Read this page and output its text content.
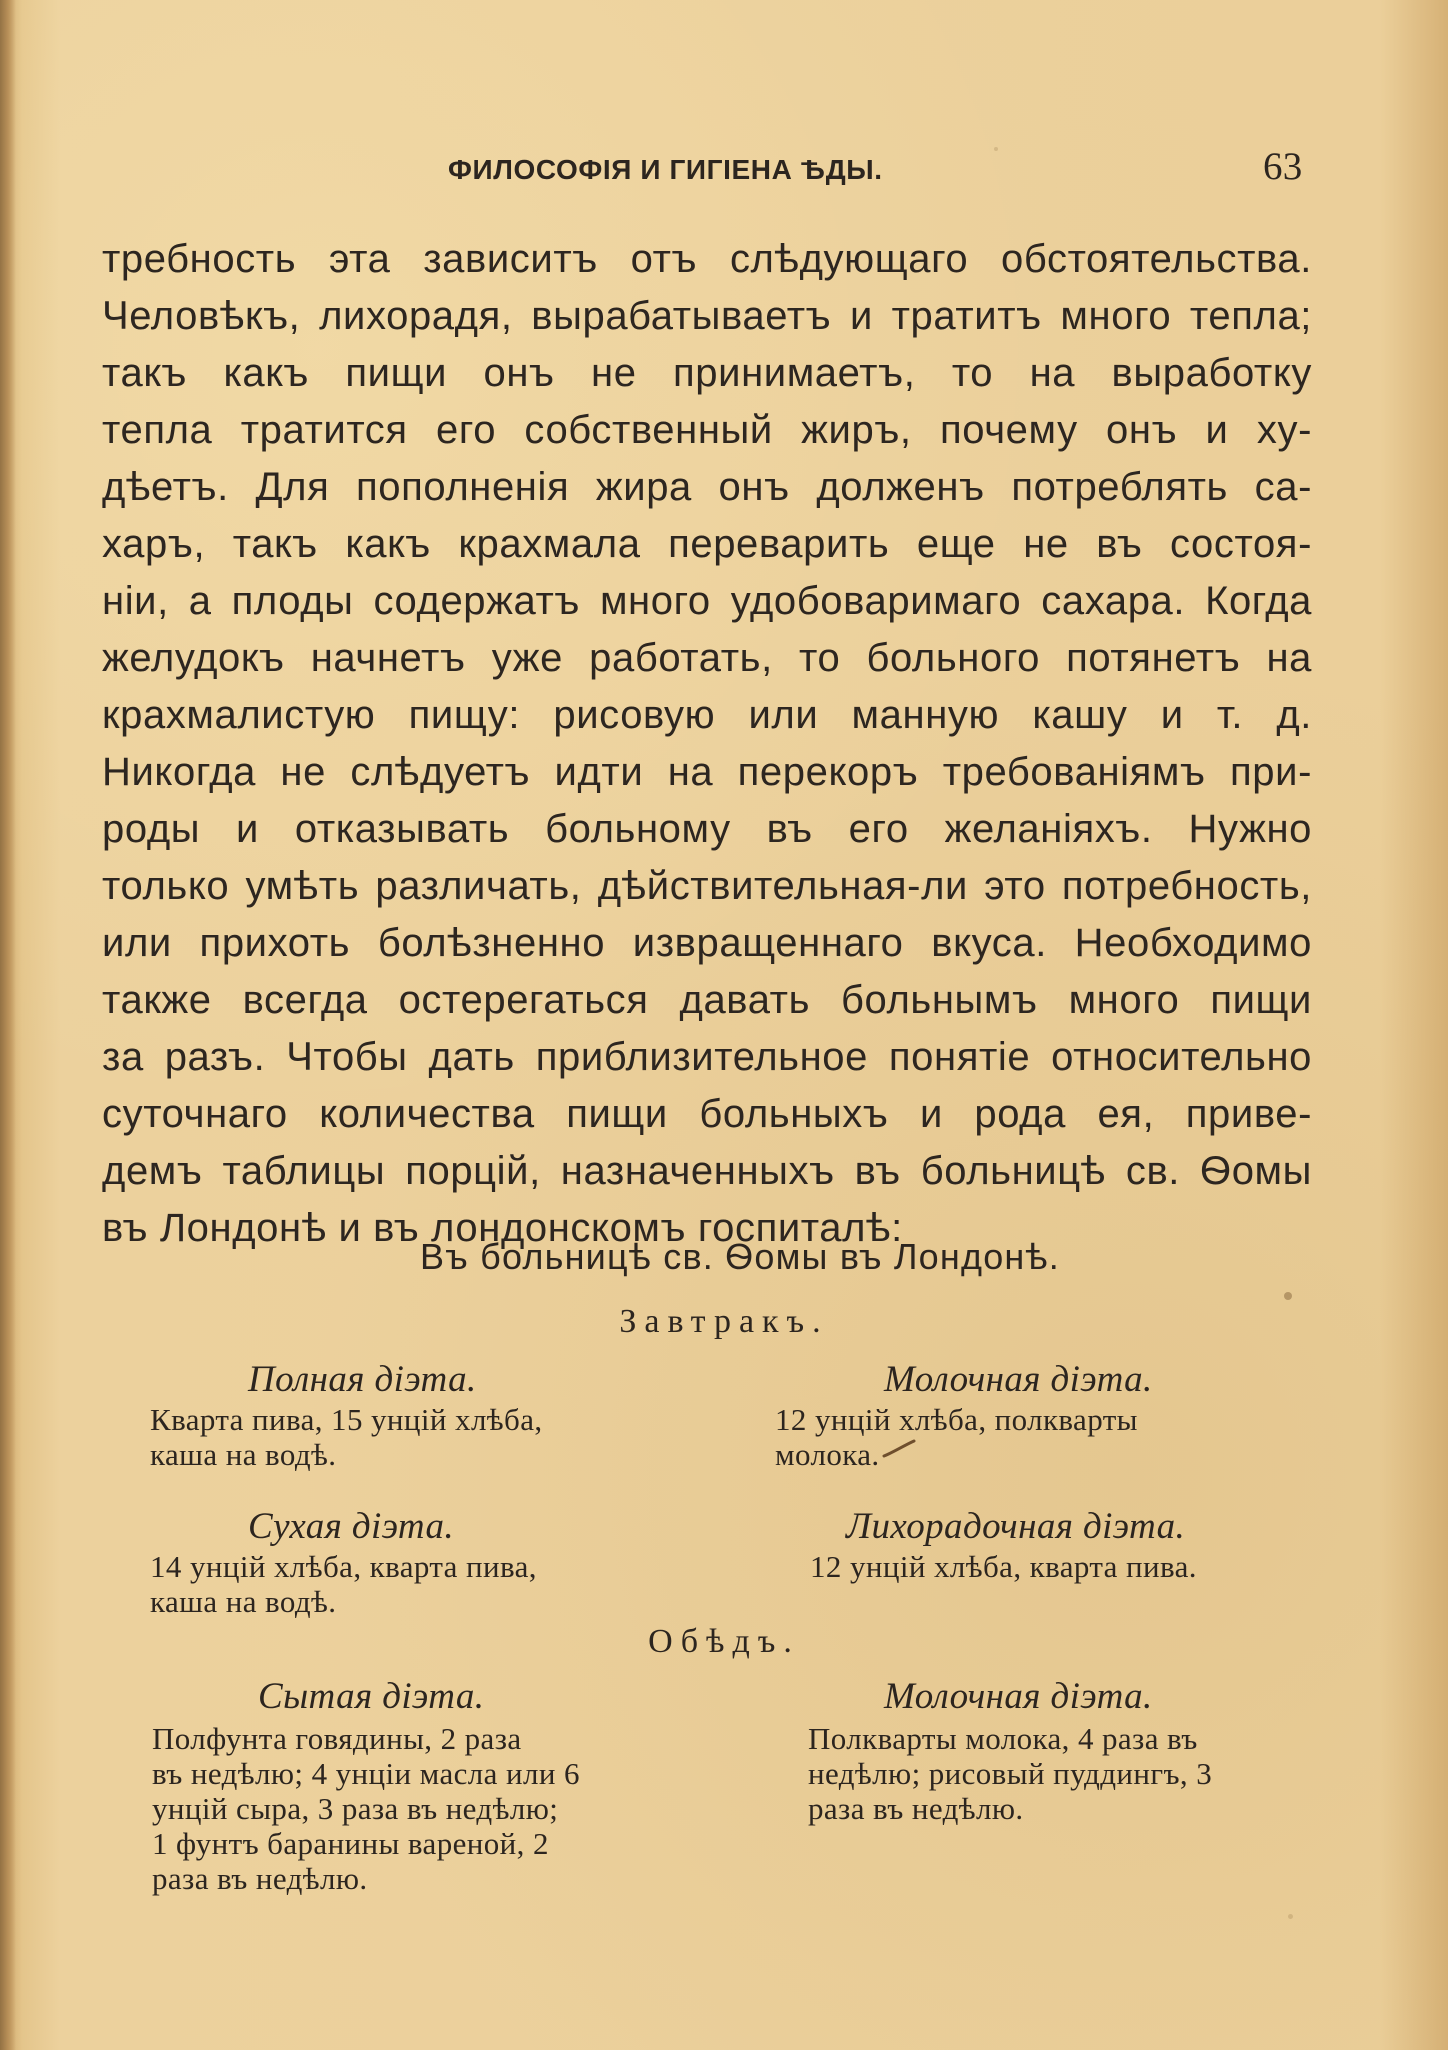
ФИЛОСОФIЯ И ГИГIЕНА ѢДЫ.	63
требность эта зависитъ отъ слѣдующаго обстоятельства.
Человѣкъ, лихорадя, вырабатываетъ и тратитъ много тепла;
такъ какъ пищи онъ не принимаетъ, то на выработку
тепла тратится его собственный жиръ, почему онъ и ху-
дѣетъ. Для пополненія жира онъ долженъ потреблять са-
харъ, такъ какъ крахмала переварить еще не въ состоя-
ніи, а плоды содержатъ много удобоваримаго сахара. Когда
желудокъ начнетъ уже работать, то больного потянетъ на
крахмалистую пищу: рисовую или манную кашу и т. д.
Никогда не слѣдуетъ идти на перекоръ требованіямъ при-
роды и отказывать больному въ его желаніяхъ. Нужно
только умѣть различать, дѣйствительная-ли это потребность,
или прихоть болѣзненно извращеннаго вкуса. Необходимо
также всегда остерегаться давать больнымъ много пищи
за разъ. Чтобы дать приблизительное понятіе относительно
суточнаго количества пищи больныхъ и рода ея, приве-
демъ таблицы порцій, назначенныхъ въ больницѣ св. Ѳомы
въ Лондонѣ и въ лондонскомъ госпиталѣ:
Въ больницѣ св. Ѳомы въ Лондонѣ.
Завтракъ.
Полная діэта.
Кварта пива, 15 унцій хлѣба,
каша на водѣ.
Молочная діэта.
12 унцій хлѣба, полкварты
молока.
Сухая діэта.
14 унцій хлѣба, кварта пива,
каша на водѣ.
Лихорадочная діэта.
12 унцій хлѣба, кварта пива.
Обѣдъ.
Сытая діэта.
Полфунта говядины, 2 раза
въ недѣлю; 4 унціи масла или 6
унцій сыра, 3 раза въ недѣлю;
1 фунтъ баранины вареной, 2
раза въ недѣлю.
Молочная діэта.
Полкварты молока, 4 раза въ
недѣлю; рисовый пуддингъ, 3
раза въ недѣлю.
